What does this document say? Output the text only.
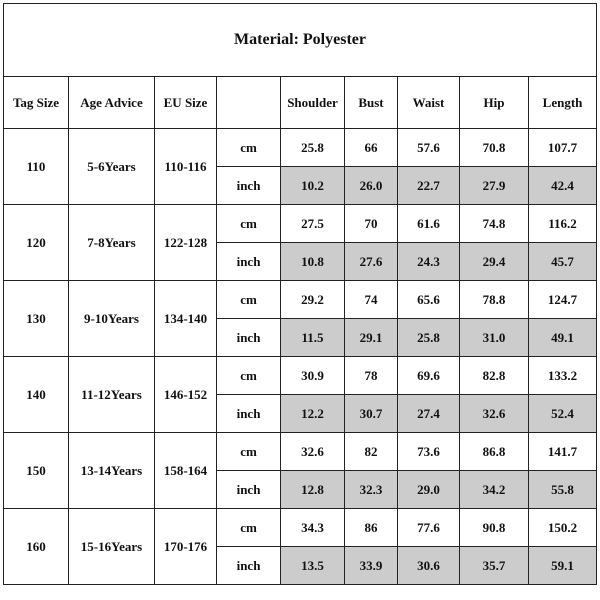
Material: Polyester								
Tag Size	Age Advice	EU Size		Shoulder	Bust	Waist	Hip	Length
110	5-6Years	110-116	cm	25.8	66	57.6	70.8	107.7
			inch	10.2	26.0	22.7	27.9	42.4
120	7-8Years	122-128	cm	27.5	70	61.6	74.8	116.2
			inch	10.8	27.6	24.3	29.4	45.7
130	9-10Years	134-140	cm	29.2	74	65.6	78.8	124.7
			inch	11.5	29.1	25.8	31.0	49.1
140	11-12Years	146-152	cm	30.9	78	69.6	82.8	133.2
			inch	12.2	30.7	27.4	32.6	52.4
150	13-14Years	158-164	cm	32.6	82	73.6	86.8	141.7
			inch	12.8	32.3	29.0	34.2	55.8
160	15-16Years	170-176	cm	34.3	86	77.6	90.8	150.2
			inch	13.5	33.9	30.6	35.7	59.1
